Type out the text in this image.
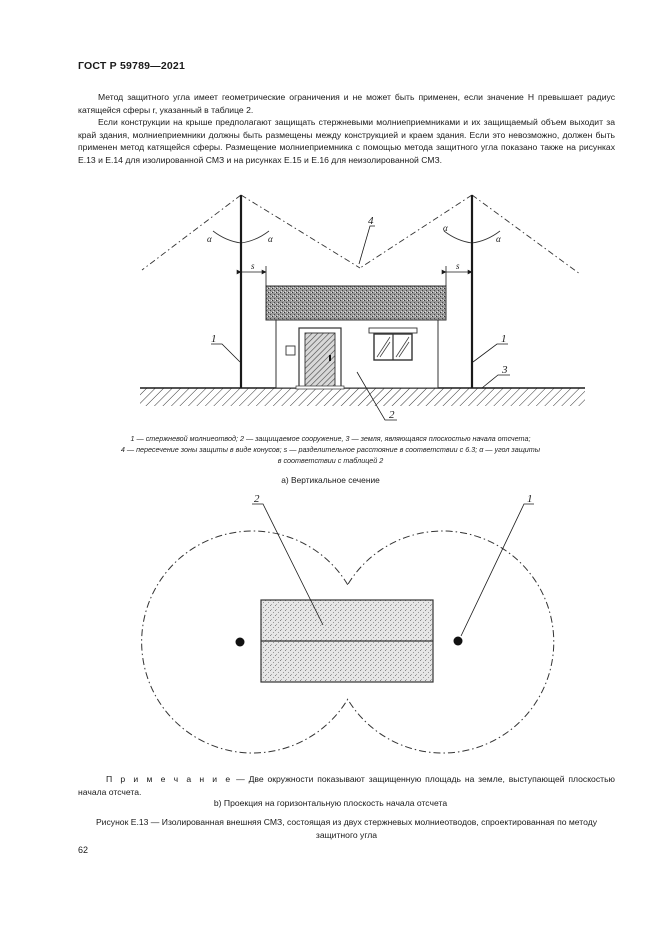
ГОСТ Р 59789—2021
Метод защитного угла имеет геометрические ограничения и не может быть применен, если значение H превышает радиус катящейся сферы r, указанный в таблице 2.
Если конструкции на крыше предполагают защищать стержневыми молниеприемниками и их защищаемый объем выходит за край здания, молниеприемники должны быть размещены между конструкцией и краем здания. Если это невозможно, должен быть применен метод катящейся сферы. Размещение молниеприемника с помощью метода защитного угла показано также на рисунках Е.13 и Е.14 для изолированной СМЗ и на рисунках Е.15 и Е.16 для неизолированной СМЗ.
α	α
α
α
s	s
1	1
2
3
4
2	1
1 — стержневой молниеотвод; 2 — защищаемое сооружение, 3 — земля, являющаяся плоскостью начала отсчета;
4 — пересечение зоны защиты в виде конусов; s — разделительное расстояние в соответствии с 6.3; α — угол защиты
в соответствии с таблицей 2
а) Вертикальное сечение
П р и м е ч а н и е — Две окружности показывают защищенную площадь на земле, выступающей плоскостью начала отсчета.
b) Проекция на горизонтальную плоскость начала отсчета
Рисунок Е.13 — Изолированная внешняя СМЗ, состоящая из двух стержневых молниеотводов, спроектированная по методу защитного угла
62
